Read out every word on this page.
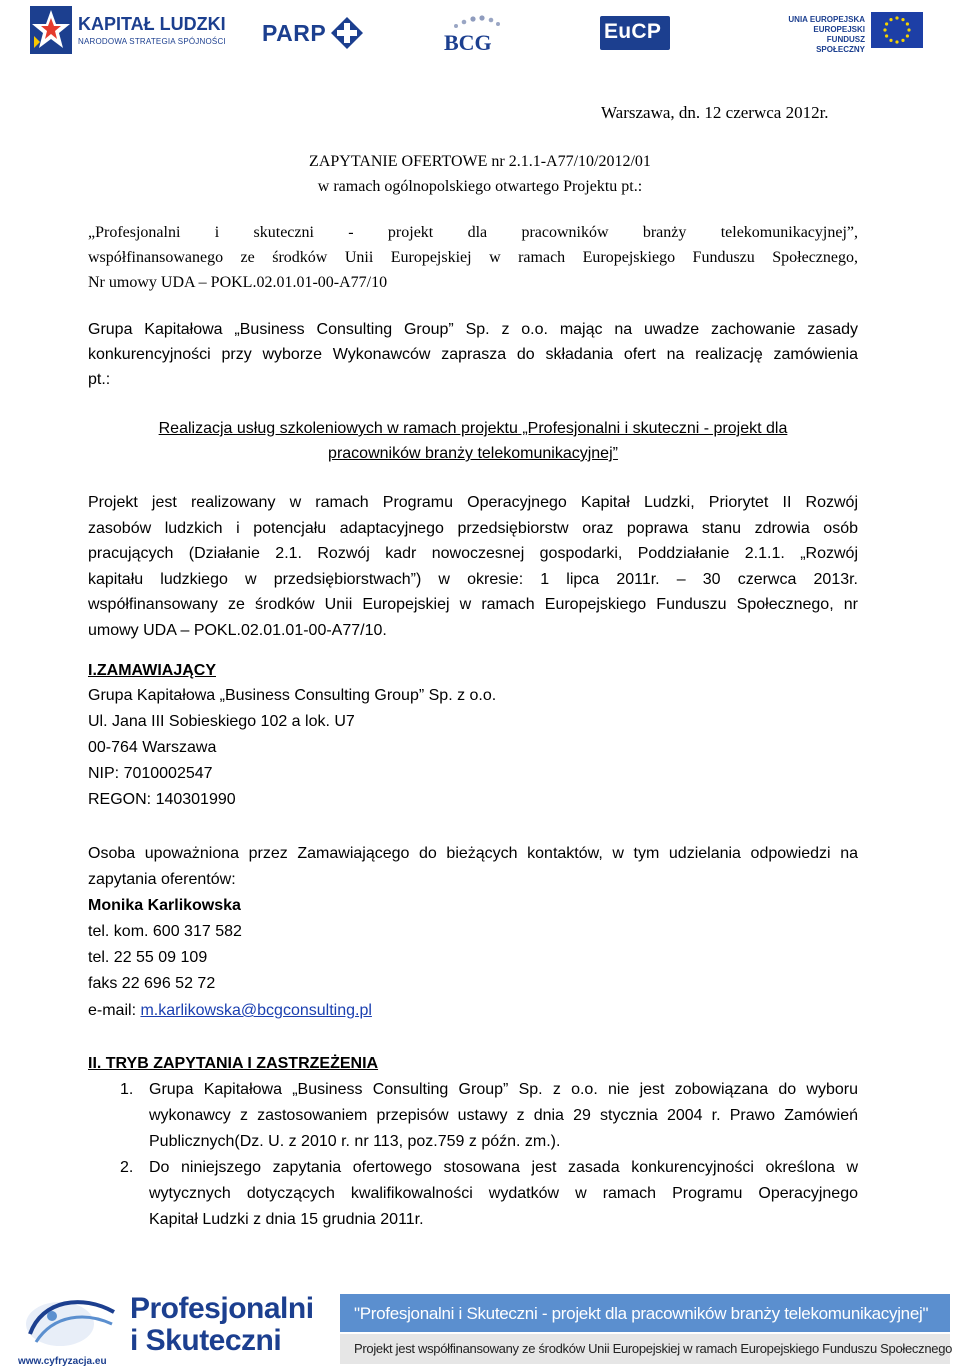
KAPITAŁ LUDZKI
NARODOWA STRATEGIA SPÓJNOŚCI PARP	BCG	EuCP
UNIA EUROPEJSKA
EUROPEJSKI
FUNDUSZ SPOŁECZNY
Warszawa, dn. 12 czerwca 2012r.
ZAPYTANIE OFERTOWE nr 2.1.1-A77/10/2012/01
w ramach ogólnopolskiego otwartego Projektu pt.:
„Profesjonalni i skuteczni - projekt dla pracowników branży telekomunikacyjnej”,
współfinansowanego ze środków Unii Europejskiej w ramach Europejskiego Funduszu Społecznego,
Nr umowy UDA – POKL.02.01.01-00-A77/10
Grupa Kapitałowa „Business Consulting Group” Sp. z o.o. mając na uwadze zachowanie zasady
konkurencyjności przy wyborze Wykonawców zaprasza do składania ofert na realizację zamówienia
pt.:
Realizacja usług szkoleniowych w ramach projektu „Profesjonalni i skuteczni - projekt dla
pracowników branży telekomunikacyjnej”
Projekt jest realizowany w ramach Programu Operacyjnego Kapitał Ludzki, Priorytet II Rozwój
zasobów ludzkich i potencjału adaptacyjnego przedsiębiorstw oraz poprawa stanu zdrowia osób
pracujących (Działanie 2.1. Rozwój kadr nowoczesnej gospodarki, Poddziałanie 2.1.1. „Rozwój
kapitału ludzkiego w przedsiębiorstwach”) w okresie: 1 lipca 2011r. – 30 czerwca 2013r.
współfinansowany ze środków Unii Europejskiej w ramach Europejskiego Funduszu Społecznego, nr
umowy UDA – POKL.02.01.01-00-A77/10.
I.ZAMAWIAJĄCY
Grupa Kapitałowa „Business Consulting Group” Sp. z o.o.
Ul. Jana III Sobieskiego 102 a lok. U7
00-764 Warszawa
NIP: 7010002547
REGON: 140301990
Osoba upoważniona przez Zamawiającego do bieżących kontaktów, w tym udzielania odpowiedzi na
zapytania oferentów:
Monika Karlikowska
tel. kom. 600 317 582
tel. 22 55 09 109
faks 22 696 52 72
e-mail: m.karlikowska@bcgconsulting.pl
II. TRYB ZAPYTANIA I ZASTRZEŻENIA
1. Grupa Kapitałowa „Business Consulting Group” Sp. z o.o. nie jest zobowiązana do wyboru
wykonawcy z zastosowaniem przepisów ustawy z dnia 29 stycznia 2004 r. Prawo Zamówień
Publicznych(Dz. U. z 2010 r. nr 113, poz.759 z późn. zm.).
2. Do niniejszego zapytania ofertowego stosowana jest zasada konkurencyjności określona w
wytycznych dotyczących kwalifikowalności wydatków w ramach Programu Operacyjnego
Kapitał Ludzki z dnia 15 grudnia 2011r.
Profesjonalni
i Skuteczni
www.cyfryzacja.eu
"Profesjonalni i Skuteczni - projekt dla pracowników branży telekomunikacyjnej"
Projekt jest współfinansowany ze środków Unii Europejskiej w ramach Europejskiego Funduszu Społecznego
